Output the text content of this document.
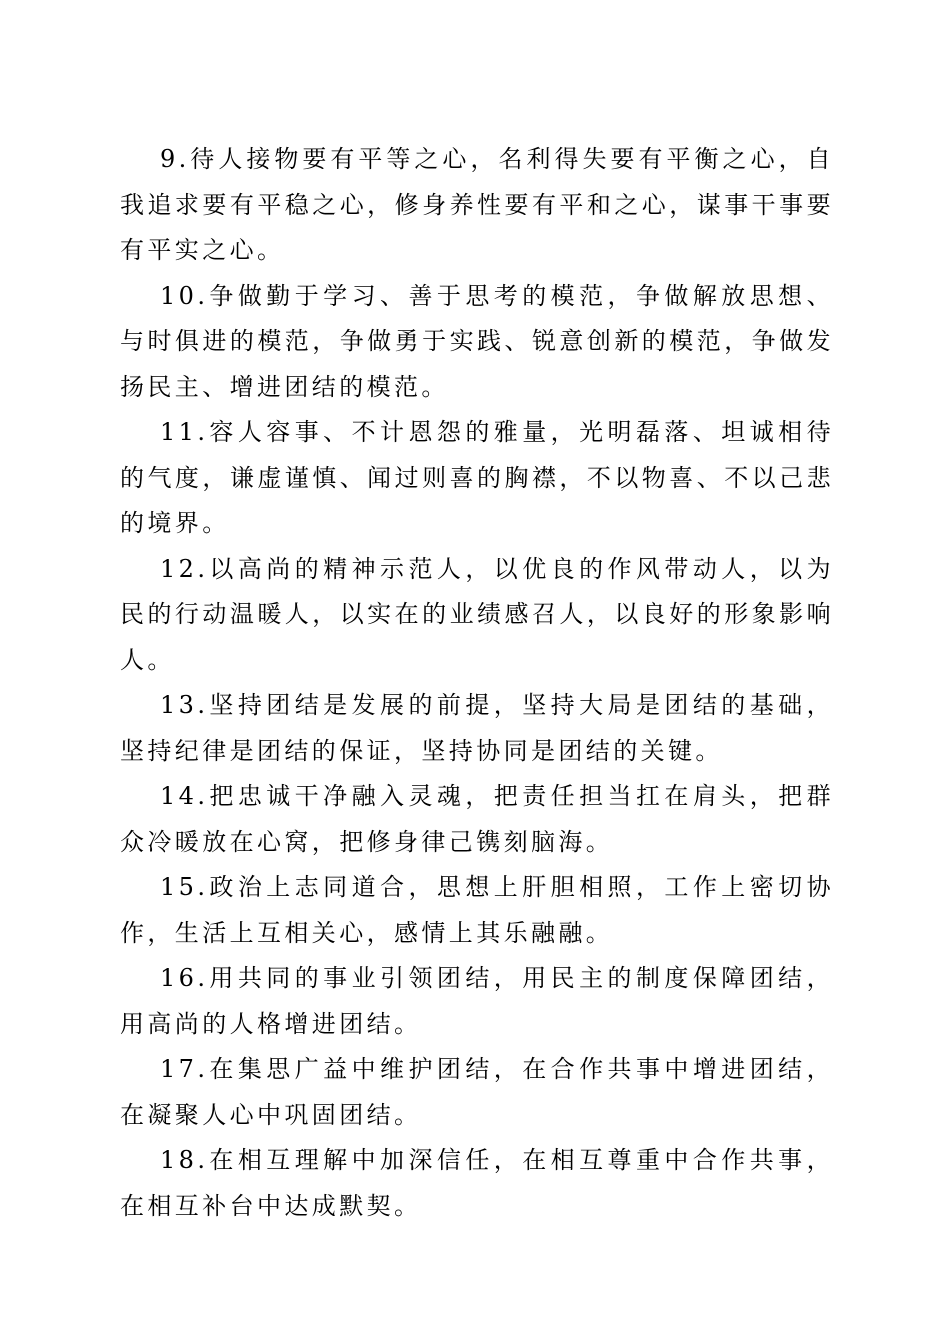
9.待人接物要有平等之心，名利得失要有平衡之心，自我追求要有平稳之心，修身养性要有平和之心，谋事干事要有平实之心。

10.争做勤于学习、善于思考的模范，争做解放思想、与时俱进的模范，争做勇于实践、锐意创新的模范，争做发扬民主、增进团结的模范。

11.容人容事、不计恩怨的雅量，光明磊落、坦诚相待的气度，谦虚谨慎、闻过则喜的胸襟，不以物喜、不以己悲的境界。

12.以高尚的精神示范人，以优良的作风带动人，以为民的行动温暖人，以实在的业绩感召人，以良好的形象影响人。

13.坚持团结是发展的前提，坚持大局是团结的基础，坚持纪律是团结的保证，坚持协同是团结的关键。

14.把忠诚干净融入灵魂，把责任担当扛在肩头，把群众冷暖放在心窝，把修身律己镌刻脑海。

15.政治上志同道合，思想上肝胆相照，工作上密切协作，生活上互相关心，感情上其乐融融。

16.用共同的事业引领团结，用民主的制度保障团结，用高尚的人格增进团结。

17.在集思广益中维护团结，在合作共事中增进团结，在凝聚人心中巩固团结。

18.在相互理解中加深信任，在相互尊重中合作共事，在相互补台中达成默契。
